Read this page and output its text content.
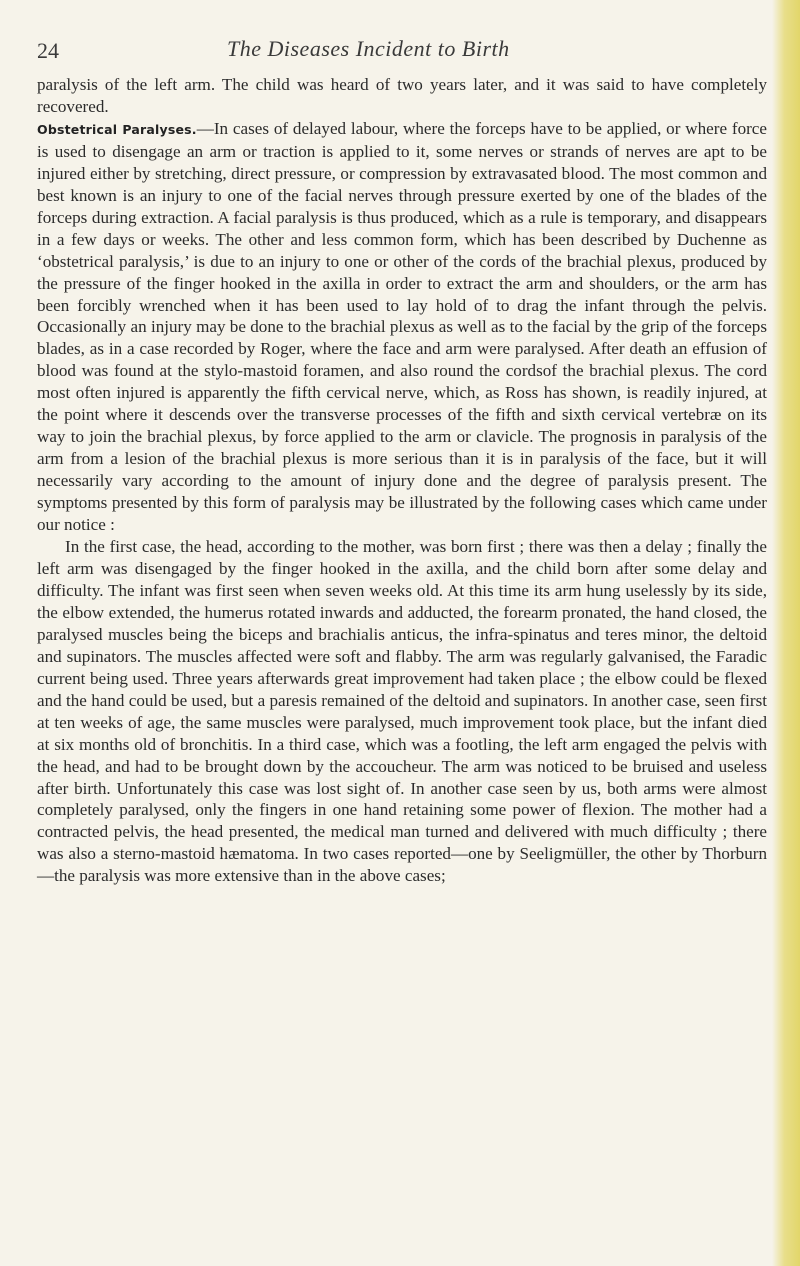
24	The Diseases Incident to Birth

paralysis of the left arm. The child was heard of two years later, and it was said to have completely recovered.

Obstetrical Paralyses.—In cases of delayed labour, where the forceps have to be applied, or where force is used to disengage an arm or traction is applied to it, some nerves or strands of nerves are apt to be injured either by stretching, direct pressure, or compression by extravasated blood. The most common and best known is an injury to one of the facial nerves through pressure exerted by one of the blades of the forceps during extraction. A facial paralysis is thus produced, which as a rule is temporary, and disappears in a few days or weeks. The other and less common form, which has been described by Duchenne as ‘obstetrical paralysis,’ is due to an injury to one or other of the cords of the brachial plexus, produced by the pressure of the finger hooked in the axilla in order to extract the arm and shoulders, or the arm has been forcibly wrenched when it has been used to lay hold of to drag the infant through the pelvis. Occasionally an injury may be done to the brachial plexus as well as to the facial by the grip of the forceps blades, as in a case recorded by Roger, where the face and arm were paralysed. After death an effusion of blood was found at the stylo-mastoid foramen, and also round the cordsof the brachial plexus. The cord most often injured is apparently the fifth cervical nerve, which, as Ross has shown, is readily injured, at the point where it descends over the transverse processes of the fifth and sixth cervical vertebræ on its way to join the brachial plexus, by force applied to the arm or clavicle. The prognosis in paralysis of the arm from a lesion of the brachial plexus is more serious than it is in paralysis of the face, but it will necessarily vary according to the amount of injury done and the degree of paralysis present. The symptoms presented by this form of paralysis may be illustrated by the following cases which came under our notice :

In the first case, the head, according to the mother, was born first ; there was then a delay ; finally the left arm was disengaged by the finger hooked in the axilla, and the child born after some delay and difficulty. The infant was first seen when seven weeks old. At this time its arm hung uselessly by its side, the elbow extended, the humerus rotated inwards and adducted, the forearm pronated, the hand closed, the paralysed muscles being the biceps and brachialis anticus, the infra-spinatus and teres minor, the deltoid and supinators. The muscles affected were soft and flabby. The arm was regularly galvanised, the Faradic current being used. Three years afterwards great improvement had taken place ; the elbow could be flexed and the hand could be used, but a paresis remained of the deltoid and supinators. In another case, seen first at ten weeks of age, the same muscles were paralysed, much improvement took place, but the infant died at six months old of bronchitis. In a third case, which was a footling, the left arm engaged the pelvis with the head, and had to be brought down by the accoucheur. The arm was noticed to be bruised and useless after birth. Unfortunately this case was lost sight of. In another case seen by us, both arms were almost completely paralysed, only the fingers in one hand retaining some power of flexion. The mother had a contracted pelvis, the head presented, the medical man turned and delivered with much difficulty ; there was also a sterno-mastoid hæmatoma. In two cases reported—one by Seeligmüller, the other by Thorburn—the paralysis was more extensive than in the above cases;
